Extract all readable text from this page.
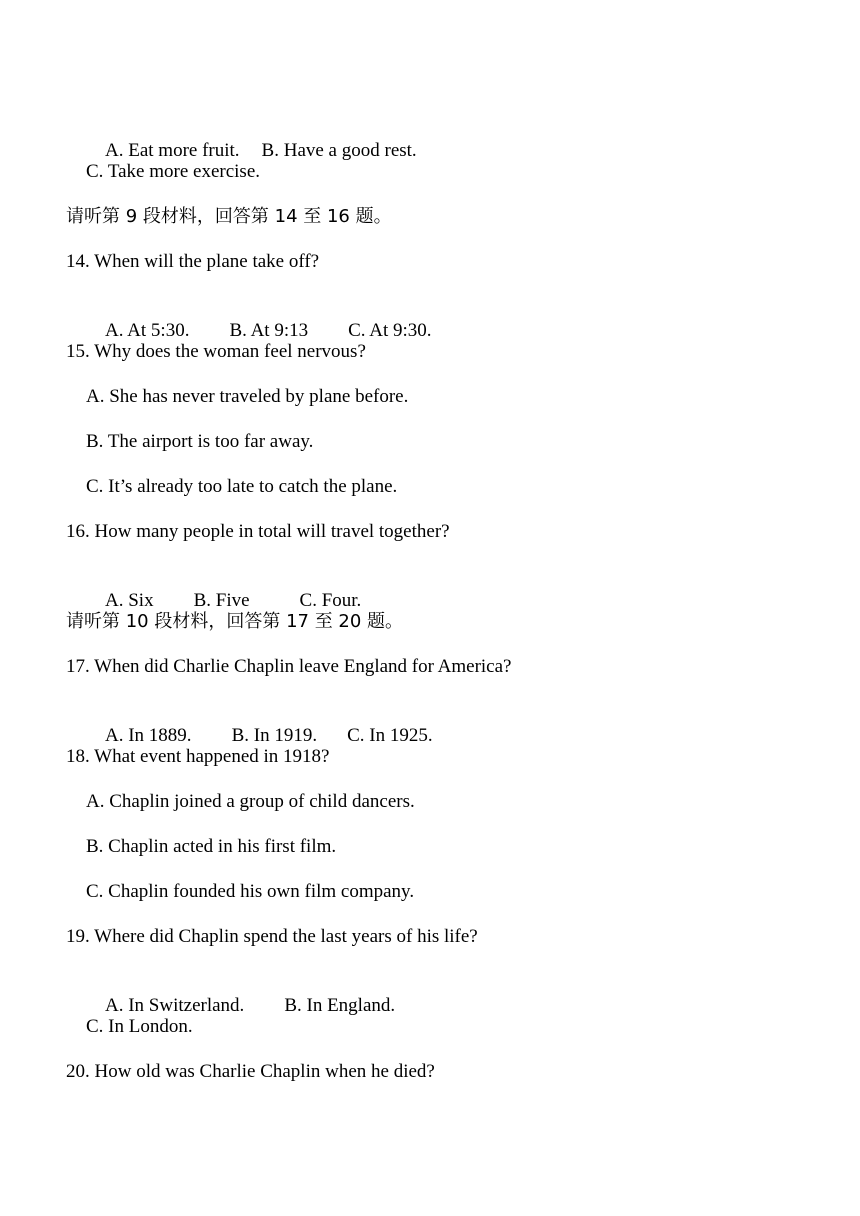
A. Eat more fruit. B. Have a good rest.

C. Take more exercise.
请听第 9 段材料，回答第 14 至 16 题。
14. When will the plane take off?

A. At 5:30. B. At 9:13 C. At 9:30.

15. Why does the woman feel nervous?
A. She has never traveled by plane before.
B. The airport is too far away.
C. It’s already too late to catch the plane.
16. How many people in total will travel together?

A. Six B. Five	C. Four.

请听第 10 段材料，回答第 17 至 20 题。
17. When did Charlie Chaplin leave England for America?

A. In 1889. B. In 1919. C. In 1925.

18. What event happened in 1918?
A. Chaplin joined a group of child dancers.
B. Chaplin acted in his first film.
C. Chaplin founded his own film company.
19. Where did Chaplin spend the last years of his life?

A. In Switzerland. B. In England.

C. In London.
20. How old was Charlie Chaplin when he died?
